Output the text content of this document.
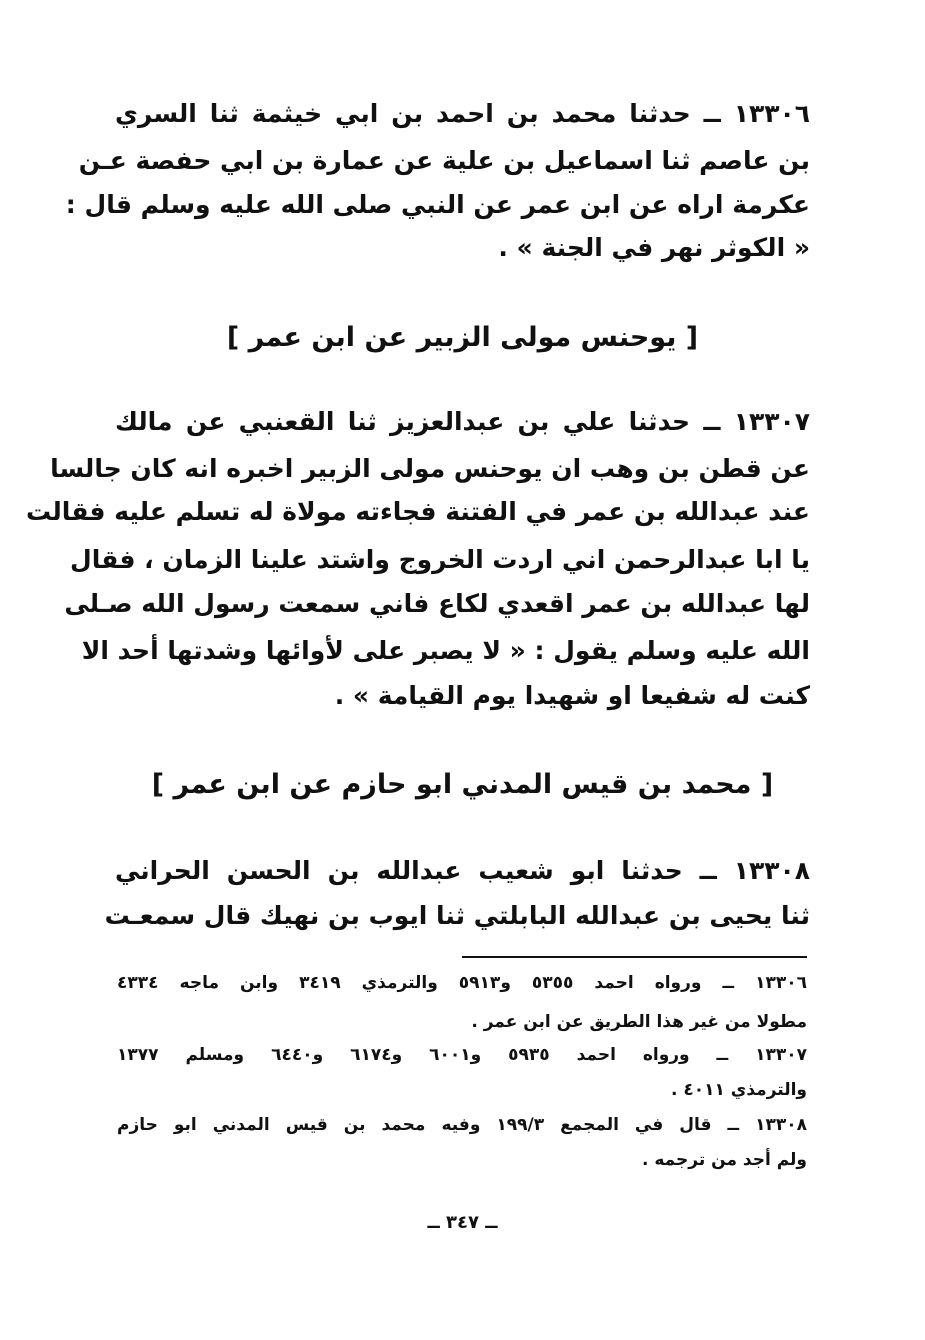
١٣٣٠٦ ــ حدثنا محمد بن احمد بن ابي خيثمة ثنا السري
بن عاصم ثنا اسماعيل بن علية عن عمارة بن ابي حفصة عـن
عكرمة اراه عن ابن عمر عن النبي صلى الله عليه وسلم قال :
« الكوثر نهر في الجنة » .
[ يوحنس مولى الزبير عن ابن عمر ]
١٣٣٠٧ ــ حدثنا علي بن عبدالعزيز ثنا القعنبي عن مالك
عن قطن بن وهب ان يوحنس مولى الزبير اخبره انه كان جالسا
عند عبدالله بن عمر في الفتنة فجاءته مولاة له تسلم عليه فقالت
يا ابا عبدالرحمن اني اردت الخروج واشتد علينا الزمان ، فقال
لها عبدالله بن عمر اقعدي لكاع فاني سمعت رسول الله صـلى
الله عليه وسلم يقول : « لا يصبر على لأوائها وشدتها أحد الا
كنت له شفيعا او شهيدا يوم القيامة » .
[ محمد بن قيس المدني ابو حازم عن ابن عمر ]
١٣٣٠٨ ــ حدثنا ابو شعيب عبدالله بن الحسن الحراني
ثنا يحيى بن عبدالله البابلتي ثنا ايوب بن نهيك قال سمعـت
١٣٣٠٦ ــ ورواه احمد ٥٣٥٥ و٥٩١٣ والترمذي ٣٤١٩ وابن ماجه ٤٣٣٤
مطولا من غير هذا الطريق عن ابن عمر .
١٣٣٠٧ ــ ورواه احمد ٥٩٣٥ و٦٠٠١ و٦١٧٤ و٦٤٤٠ ومسلم ١٣٧٧
والترمذي ٤٠١١ .
١٣٣٠٨ ــ قال في المجمع ١٩٩/٣ وفيه محمد بن قيس المدني ابو حازم
ولم أجد من ترجمه .
ــ ٣٤٧ ــ
